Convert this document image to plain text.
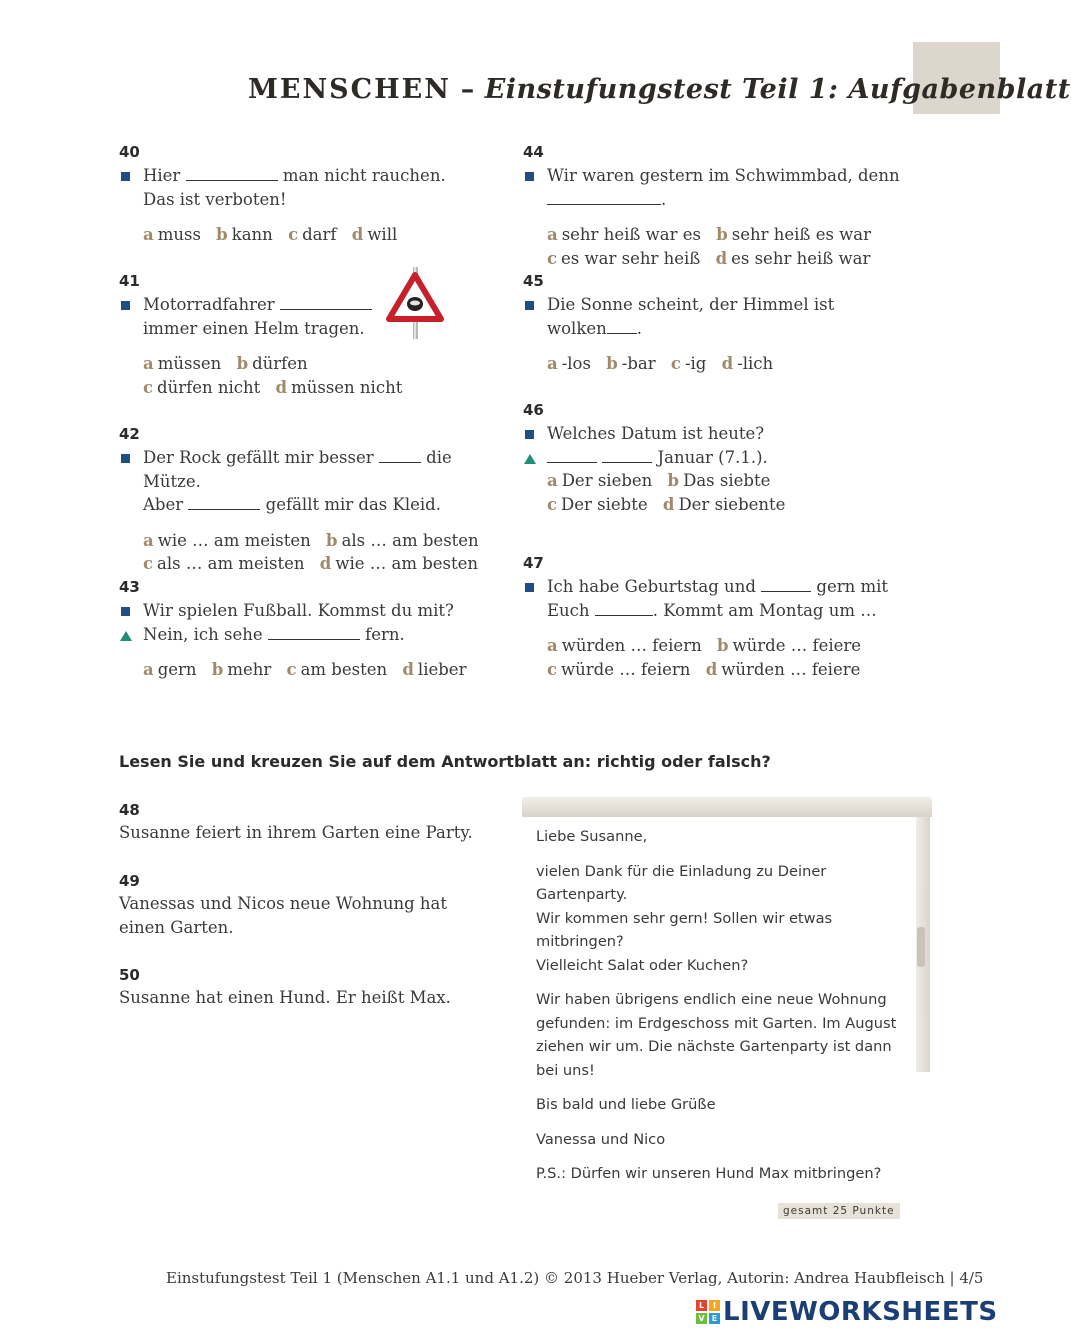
MENSCHEN – Einstufungstest Teil 1: Aufgabenblatt
40
Hier	man nicht rauchen.
Das ist verboten!
a muss b kann c darf d will
41
Motorradfahrer
immer einen Helm tragen.
a müssen b dürfen
c dürfen nicht d müssen nicht
42
Der Rock gefällt mir besser	die Mütze.
Aber	gefällt mir das Kleid.
a wie … am meisten b als … am besten
c als … am meisten d wie … am besten
43
Wir spielen Fußball. Kommst du mit?
Nein, ich sehe	fern.
a gern b mehr c am besten d lieber
44
Wir waren gestern im Schwimmbad, denn
.
a sehr heiß war es b sehr heiß es war
c es war sehr heiß d es sehr heiß war
45
Die Sonne scheint, der Himmel ist
wolken .
a -los b -bar c -ig d -lich
46
Welches Datum ist heute?
Januar (7.1.).
a Der sieben b Das siebte
c Der siebte d Der siebente
47
Ich habe Geburtstag und	gern mit
Euch	. Kommt am Montag um …
a würden … feiern b würde … feiere
c würde … feiern d würden … feiere
Lesen Sie und kreuzen Sie auf dem Antwortblatt an: richtig oder falsch?
48
Susanne feiert in ihrem Garten eine Party.
49
Vanessas und Nicos neue Wohnung hat
einen Garten.
50
Susanne hat einen Hund. Er heißt Max.

Liebe Susanne,

vielen Dank für die Einladung zu Deiner Gartenparty.
Wir kommen sehr gern! Sollen wir etwas mitbringen?
Vielleicht Salat oder Kuchen?

Wir haben übrigens endlich eine neue Wohnung
gefunden: im Erdgeschoss mit Garten. Im August
ziehen wir um. Die nächste Gartenparty ist dann
bei uns!

Bis bald und liebe Grüße

Vanessa und Nico

P.S.: Dürfen wir unseren Hund Max mitbringen?

gesamt 25 Punkte
Einstufungstest Teil 1 (Menschen A1.1 und A1.2) © 2013 Hueber Verlag, Autorin: Andrea Haubfleisch | 4/5
L	I
V E LIVEWORKSHEETS
